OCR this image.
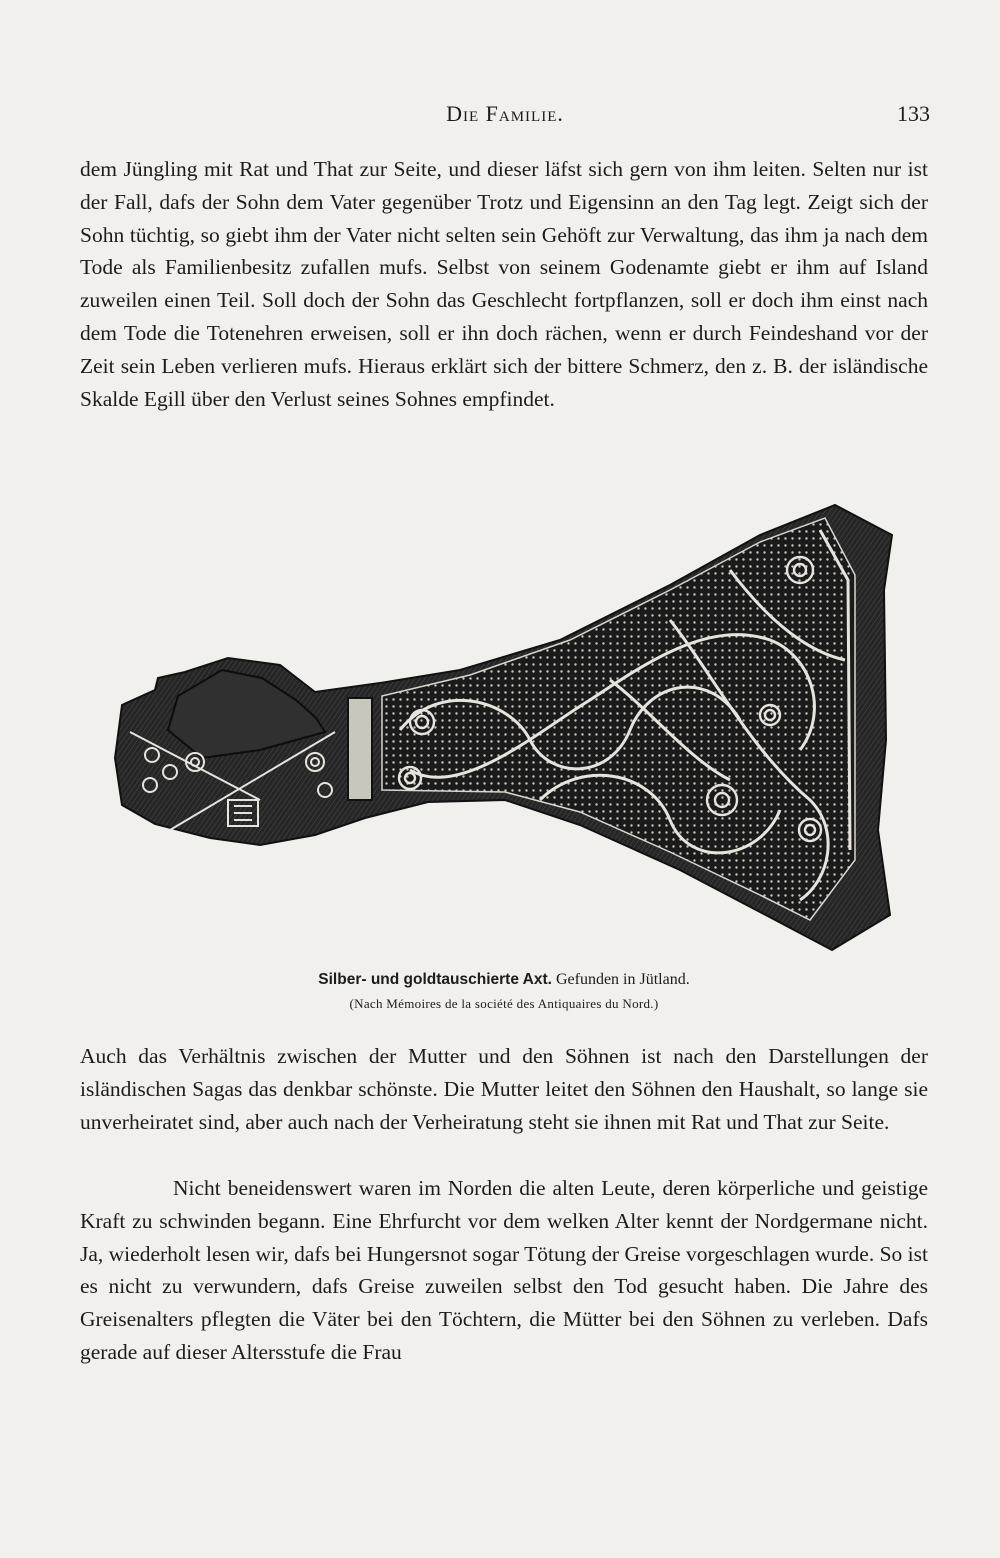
Die Familie.	133

dem Jüngling mit Rat und That zur Seite, und dieser läfst sich gern von ihm leiten. Selten nur ist der Fall, dafs der Sohn dem Vater gegenüber Trotz und Eigensinn an den Tag legt. Zeigt sich der Sohn tüchtig, so giebt ihm der Vater nicht selten sein Gehöft zur Verwaltung, das ihm ja nach dem Tode als Familienbesitz zufallen mufs. Selbst von seinem Godenamte giebt er ihm auf Island zuweilen einen Teil. Soll doch der Sohn das Geschlecht fortpflanzen, soll er doch ihm einst nach dem Tode die Totenehren erweisen, soll er ihn doch rächen, wenn er durch Feindeshand vor der Zeit sein Leben verlieren mufs. Hieraus erklärt sich der bittere Schmerz, den z. B. der isländische Skalde Egill über den Verlust seines Sohnes empfindet.

Silber- und goldtauschierte Axt. Gefunden in Jütland.
(Nach Mémoires de la société des Antiquaires du Nord.)

Auch das Verhältnis zwischen der Mutter und den Söhnen ist nach den Darstellungen der isländischen Sagas das denkbar schönste. Die Mutter leitet den Söhnen den Haushalt, so lange sie unverheiratet sind, aber auch nach der Verheiratung steht sie ihnen mit Rat und That zur Seite.

Nicht beneidenswert waren im Norden die alten Leute, deren körperliche und geistige Kraft zu schwinden begann. Eine Ehrfurcht vor dem welken Alter kennt der Nordgermane nicht. Ja, wiederholt lesen wir, dafs bei Hungersnot sogar Tötung der Greise vorgeschlagen wurde. So ist es nicht zu verwundern, dafs Greise zuweilen selbst den Tod gesucht haben. Die Jahre des Greisenalters pflegten die Väter bei den Töchtern, die Mütter bei den Söhnen zu verleben. Dafs gerade auf dieser Altersstufe die Frau
